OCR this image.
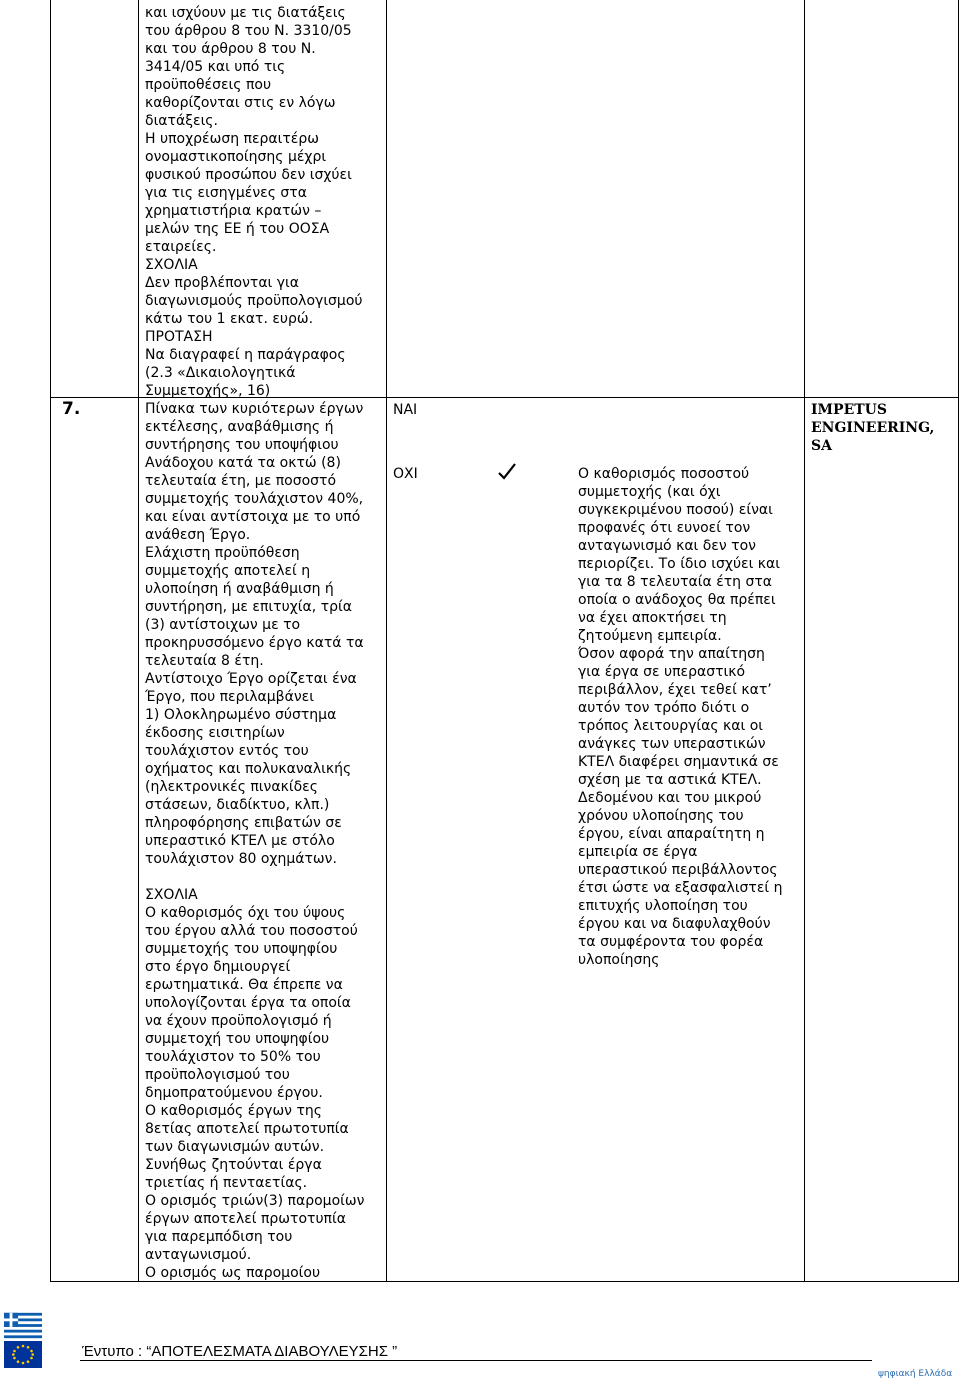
και ισχύουν με τις διατάξεις

του άρθρου 8 του Ν. 3310/05

και του άρθρου 8 του Ν.

3414/05 και υπό τις

προϋποθέσεις που

καθορίζονται στις εν λόγω

διατάξεις.

Η υποχρέωση περαιτέρω

ονομαστικοποίησης μέχρι

φυσικού προσώπου δεν ισχύει

για τις εισηγμένες στα

χρηματιστήρια κρατών –

μελών της ΕΕ ή του ΟΟΣΑ

εταιρείες.

ΣΧΟΛΙΑ

Δεν προβλέπονται για

διαγωνισμούς προϋπολογισμού

κάτω του 1 εκατ. ευρώ.

ΠΡΟΤΑΣΗ

Να διαγραφεί η παράγραφος

(2.3 «Δικαιολογητικά

Συμμετοχής», 16)

7.	Πίνακα των κυριότερων έργων

εκτέλεσης, αναβάθμισης ή

συντήρησης του υποψήφιου

Ανάδοχου κατά τα οκτώ (8)

τελευταία έτη, με ποσοστό

συμμετοχής τουλάχιστον 40%,

και είναι αντίστοιχα με το υπό

ανάθεση Έργο.

Ελάχιστη προϋπόθεση

συμμετοχής αποτελεί η

υλοποίηση ή αναβάθμιση ή

συντήρηση, με επιτυχία, τρία

(3) αντίστοιχων με το

προκηρυσσόμενο έργο κατά τα

τελευταία 8 έτη.

Αντίστοιχο Έργο ορίζεται ένα

Έργο, που περιλαμβάνει

1) Ολοκληρωμένο σύστημα

έκδοσης εισιτηρίων

τουλάχιστον εντός του

οχήματος και πολυκαναλικής

(ηλεκτρονικές πινακίδες

στάσεων, διαδίκτυο, κλπ.)

πληροφόρησης επιβατών σε

υπεραστικό ΚΤΕΛ με στόλο

τουλάχιστον 80 οχημάτων.

ΣΧΟΛΙΑ

Ο καθορισμός όχι του ύψους

του έργου αλλά του ποσοστού

συμμετοχής του υποψηφίου

στο έργο δημιουργεί

ερωτηματικά. Θα έπρεπε να

υπολογίζονται έργα τα οποία

να έχουν προϋπολογισμό ή

συμμετοχή του υποψηφίου

τουλάχιστον το 50% του

προϋπολογισμού του

δημοπρατούμενου έργου.

Ο καθορισμός έργων της

8ετίας αποτελεί πρωτοτυπία

των διαγωνισμών αυτών.

Συνήθως ζητούνται έργα

τριετίας ή πενταετίας.

Ο ορισμός τριών(3) παρομοίων

έργων αποτελεί πρωτοτυπία

για παρεμπόδιση του

ανταγωνισμού.

Ο ορισμός ως παρομοίου

ΝΑΙ
ΟΧΙ	Ο καθορισμός ποσοστού

συμμετοχής (και όχι

συγκεκριμένου ποσού) είναι

προφανές ότι ευνοεί τον

ανταγωνισμό και δεν τον

περιορίζει. Το ίδιο ισχύει και

για τα 8 τελευταία έτη στα

οποία ο ανάδοχος θα πρέπει

να έχει αποκτήσει τη

ζητούμενη εμπειρία.

Όσον αφορά την απαίτηση

για έργα σε υπεραστικό

περιβάλλον, έχει τεθεί κατ’

αυτόν τον τρόπο διότι ο

τρόπος λειτουργίας και οι

ανάγκες των υπεραστικών

ΚΤΕΛ διαφέρει σημαντικά σε

σχέση με τα αστικά ΚΤΕΛ.

Δεδομένου και του μικρού

χρόνου υλοποίησης του

έργου, είναι απαραίτητη η

εμπειρία σε έργα

υπεραστικού περιβάλλοντος

έτσι ώστε να εξασφαλιστεί η

επιτυχής υλοποίηση του

έργου και να διαφυλαχθούν

τα συμφέροντα του φορέα

υλοποίησης

IMPETUS

ENGINEERING,

SA

Έντυπο : “ΑΠΟΤΕΛΕΣΜΑΤΑ ΔΙΑΒΟΥΛΕΥΣΗΣ ”
ψηφιακή Ελλάδα
